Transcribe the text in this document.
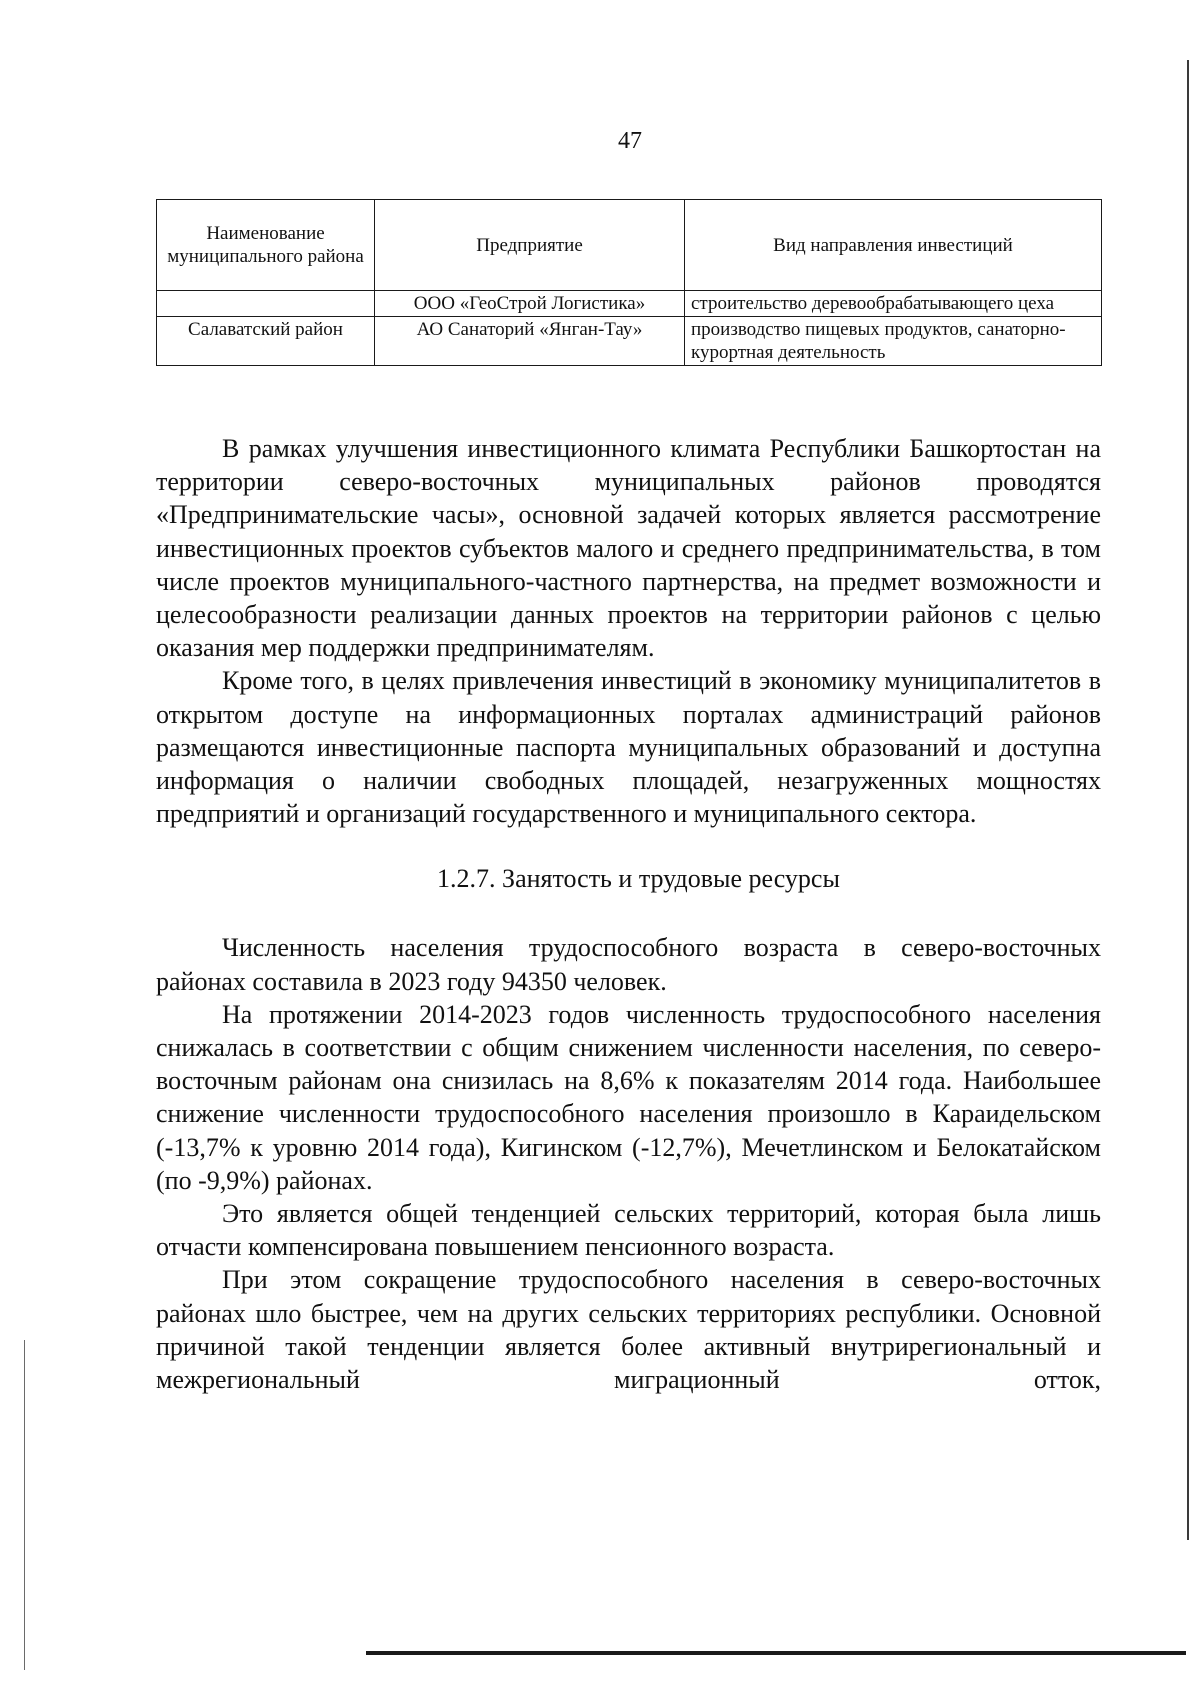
47
Наименование муниципального района	Предприятие	Вид направления инвестиций
	ООО «ГеоСтрой Логистика»	строительство деревообрабатывающего цеха
Салаватский район	АО Санаторий «Янган-Тау»	производство пищевых продуктов, санаторно-курортная деятельность

В рамках улучшения инвестиционного климата Республики Башкортостан на территории северо-восточных муниципальных районов проводятся «Предпринимательские часы», основной задачей которых является рассмотрение инвестиционных проектов субъектов малого и среднего предпринимательства, в том числе проектов муниципального-частного партнерства, на предмет возможности и целесообразности реализации данных проектов на территории районов с целью оказания мер поддержки предпринимателям.

Кроме того, в целях привлечения инвестиций в экономику муниципалитетов в открытом доступе на информационных порталах администраций районов размещаются инвестиционные паспорта муниципальных образований и доступна информация о наличии свободных площадей, незагруженных мощностях предприятий и организаций государственного и муниципального сектора.

1.2.7. Занятость и трудовые ресурсы

Численность населения трудоспособного возраста в северо-восточных районах составила в 2023 году 94350 человек.

На протяжении 2014-2023 годов численность трудоспособного населения снижалась в соответствии с общим снижением численности населения, по северо-восточным районам она снизилась на 8,6% к показателям 2014 года. Наибольшее снижение численности трудоспособного населения произошло в Караидельском (-13,7% к уровню 2014 года), Кигинском (-12,7%), Мечетлинском и Белокатайском (по -9,9%) районах.

Это является общей тенденцией сельских территорий, которая была лишь отчасти компенсирована повышением пенсионного возраста.

При этом сокращение трудоспособного населения в северо-восточных районах шло быстрее, чем на других сельских территориях республики. Основной причиной такой тенденции является более активный внутрирегиональный и межрегиональный миграционный отток,
